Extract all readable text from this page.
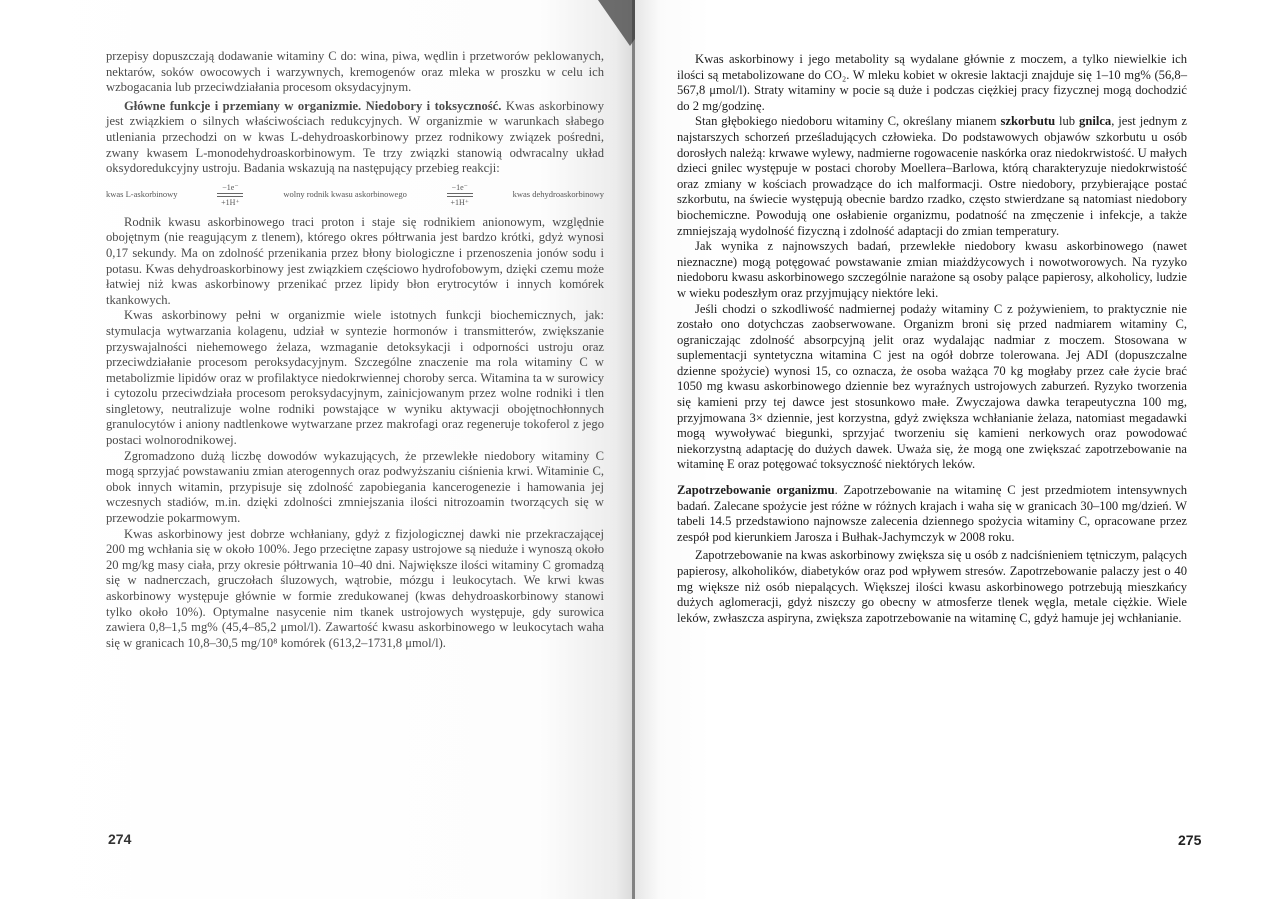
przepisy dopuszczają dodawanie witaminy C do: wina, piwa, wędlin i przetworów peklowanych, nektarów, soków owocowych i warzywnych, kremogenów oraz mleka w proszku w celu ich wzbogacania lub przeciwdziałania procesom oksydacyjnym.

Główne funkcje i przemiany w organizmie. Niedobory i toksyczność. Kwas askorbinowy jest związkiem o silnych właściwościach redukcyjnych. W organizmie w warunkach słabego utleniania przechodzi on w kwas L-dehydroaskorbinowy przez rodnikowy związek pośredni, zwany kwasem L-monodehydroaskorbinowym. Te trzy związki stanowią odwracalny układ oksydoredukcyjny ustroju. Badania wskazują na następujący przebieg reakcji:

kwas L-askorbinowy
−1e⁻
+1H⁺
wolny rodnik kwasu askorbinowego
−1e⁻
+1H⁺
kwas dehydroaskorbinowy

Rodnik kwasu askorbinowego traci proton i staje się rodnikiem anionowym, względnie obojętnym (nie reagującym z tlenem), którego okres półtrwania jest bardzo krótki, gdyż wynosi 0,17 sekundy. Ma on zdolność przenikania przez błony biologiczne i przenoszenia jonów sodu i potasu. Kwas dehydroaskorbinowy jest związkiem częściowo hydrofobowym, dzięki czemu może łatwiej niż kwas askorbinowy przenikać przez lipidy błon erytrocytów i innych komórek tkankowych.

Kwas askorbinowy pełni w organizmie wiele istotnych funkcji biochemicznych, jak: stymulacja wytwarzania kolagenu, udział w syntezie hormonów i transmitterów, zwiększanie przyswajalności niehemowego żelaza, wzmaganie detoksykacji i odporności ustroju oraz przeciwdziałanie procesom peroksydacyjnym. Szczególne znaczenie ma rola witaminy C w metabolizmie lipidów oraz w profilaktyce niedokrwiennej choroby serca. Witamina ta w surowicy i cytozolu przeciwdziała procesom peroksydacyjnym, zainicjowanym przez wolne rodniki i tlen singletowy, neutralizuje wolne rodniki powstające w wyniku aktywacji obojętnochłonnych granulocytów i aniony nadtlenkowe wytwarzane przez makrofagi oraz regeneruje tokoferol z jego postaci wolnorodnikowej.

Zgromadzono dużą liczbę dowodów wykazujących, że przewlekłe niedobory witaminy C mogą sprzyjać powstawaniu zmian aterogennych oraz podwyższaniu ciśnienia krwi. Witaminie C, obok innych witamin, przypisuje się zdolność zapobiegania kancerogenezie i hamowania jej wczesnych stadiów, m.in. dzięki zdolności zmniejszania ilości nitrozoamin tworzących się w przewodzie pokarmowym.

Kwas askorbinowy jest dobrze wchłaniany, gdyż z fizjologicznej dawki nie przekraczającej 200 mg wchłania się w około 100%. Jego przeciętne zapasy ustrojowe są nieduże i wynoszą około 20 mg/kg masy ciała, przy okresie półtrwania 10–40 dni. Największe ilości witaminy C gromadzą się w nadnerczach, gruczołach śluzowych, wątrobie, mózgu i leukocytach. We krwi kwas askorbinowy występuje głównie w formie zredukowanej (kwas dehydroaskorbinowy stanowi tylko około 10%). Optymalne nasycenie nim tkanek ustrojowych występuje, gdy surowica zawiera 0,8–1,5 mg% (45,4–85,2 μmol/l). Zawartość kwasu askorbinowego w leukocytach waha się w granicach 10,8–30,5 mg/10⁸ komórek (613,2–1731,8 μmol/l).

274

Kwas askorbinowy i jego metabolity są wydalane głównie z moczem, a tylko niewielkie ich ilości są metabolizowane do CO₂. W mleku kobiet w okresie laktacji znajduje się 1–10 mg% (56,8–567,8 μmol/l). Straty witaminy w pocie są duże i podczas ciężkiej pracy fizycznej mogą dochodzić do 2 mg/godzinę.

Stan głębokiego niedoboru witaminy C, określany mianem szkorbutu lub gnilca, jest jednym z najstarszych schorzeń prześladujących człowieka. Do podstawowych objawów szkorbutu u osób dorosłych należą: krwawe wylewy, nadmierne rogowacenie naskórka oraz niedokrwistość. U małych dzieci gnilec występuje w postaci choroby Moellera–Barlowa, którą charakteryzuje niedokrwistość oraz zmiany w kościach prowadzące do ich malformacji. Ostre niedobory, przybierające postać szkorbutu, na świecie występują obecnie bardzo rzadko, często stwierdzane są natomiast niedobory biochemiczne. Powodują one osłabienie organizmu, podatność na zmęczenie i infekcje, a także zmniejszają wydolność fizyczną i zdolność adaptacji do zmian temperatury.

Jak wynika z najnowszych badań, przewlekłe niedobory kwasu askorbinowego (nawet nieznaczne) mogą potęgować powstawanie zmian miażdżycowych i nowotworowych. Na ryzyko niedoboru kwasu askorbinowego szczególnie narażone są osoby palące papierosy, alkoholicy, ludzie w wieku podeszłym oraz przyjmujący niektóre leki.

Jeśli chodzi o szkodliwość nadmiernej podaży witaminy C z pożywieniem, to praktycznie nie zostało ono dotychczas zaobserwowane. Organizm broni się przed nadmiarem witaminy C, ograniczając zdolność absorpcyjną jelit oraz wydalając nadmiar z moczem. Stosowana w suplementacji syntetyczna witamina C jest na ogół dobrze tolerowana. Jej ADI (dopuszczalne dzienne spożycie) wynosi 15, co oznacza, że osoba ważąca 70 kg mogłaby przez całe życie brać 1050 mg kwasu askorbinowego dziennie bez wyraźnych ustrojowych zaburzeń. Ryzyko tworzenia się kamieni przy tej dawce jest stosunkowo małe. Zwyczajowa dawka terapeutyczna 100 mg, przyjmowana 3× dziennie, jest korzystna, gdyż zwiększa wchłanianie żelaza, natomiast megadawki mogą wywoływać biegunki, sprzyjać tworzeniu się kamieni nerkowych oraz powodować niekorzystną adaptację do dużych dawek. Uważa się, że mogą one zwiększać zapotrzebowanie na witaminę E oraz potęgować toksyczność niektórych leków.

Zapotrzebowanie organizmu. Zapotrzebowanie na witaminę C jest przedmiotem intensywnych badań. Zalecane spożycie jest różne w różnych krajach i waha się w granicach 30–100 mg/dzień. W tabeli 14.5 przedstawiono najnowsze zalecenia dziennego spożycia witaminy C, opracowane przez zespół pod kierunkiem Jarosza i Bułhak-Jachymczyk w 2008 roku.

Zapotrzebowanie na kwas askorbinowy zwiększa się u osób z nadciśnieniem tętniczym, palących papierosy, alkoholików, diabetyków oraz pod wpływem stresów. Zapotrzebowanie palaczy jest o 40 mg większe niż osób niepalących. Większej ilości kwasu askorbinowego potrzebują mieszkańcy dużych aglomeracji, gdyż niszczy go obecny w atmosferze tlenek węgla, metale ciężkie. Wiele leków, zwłaszcza aspiryna, zwiększa zapotrzebowanie na witaminę C, gdyż hamuje jej wchłanianie.

275
